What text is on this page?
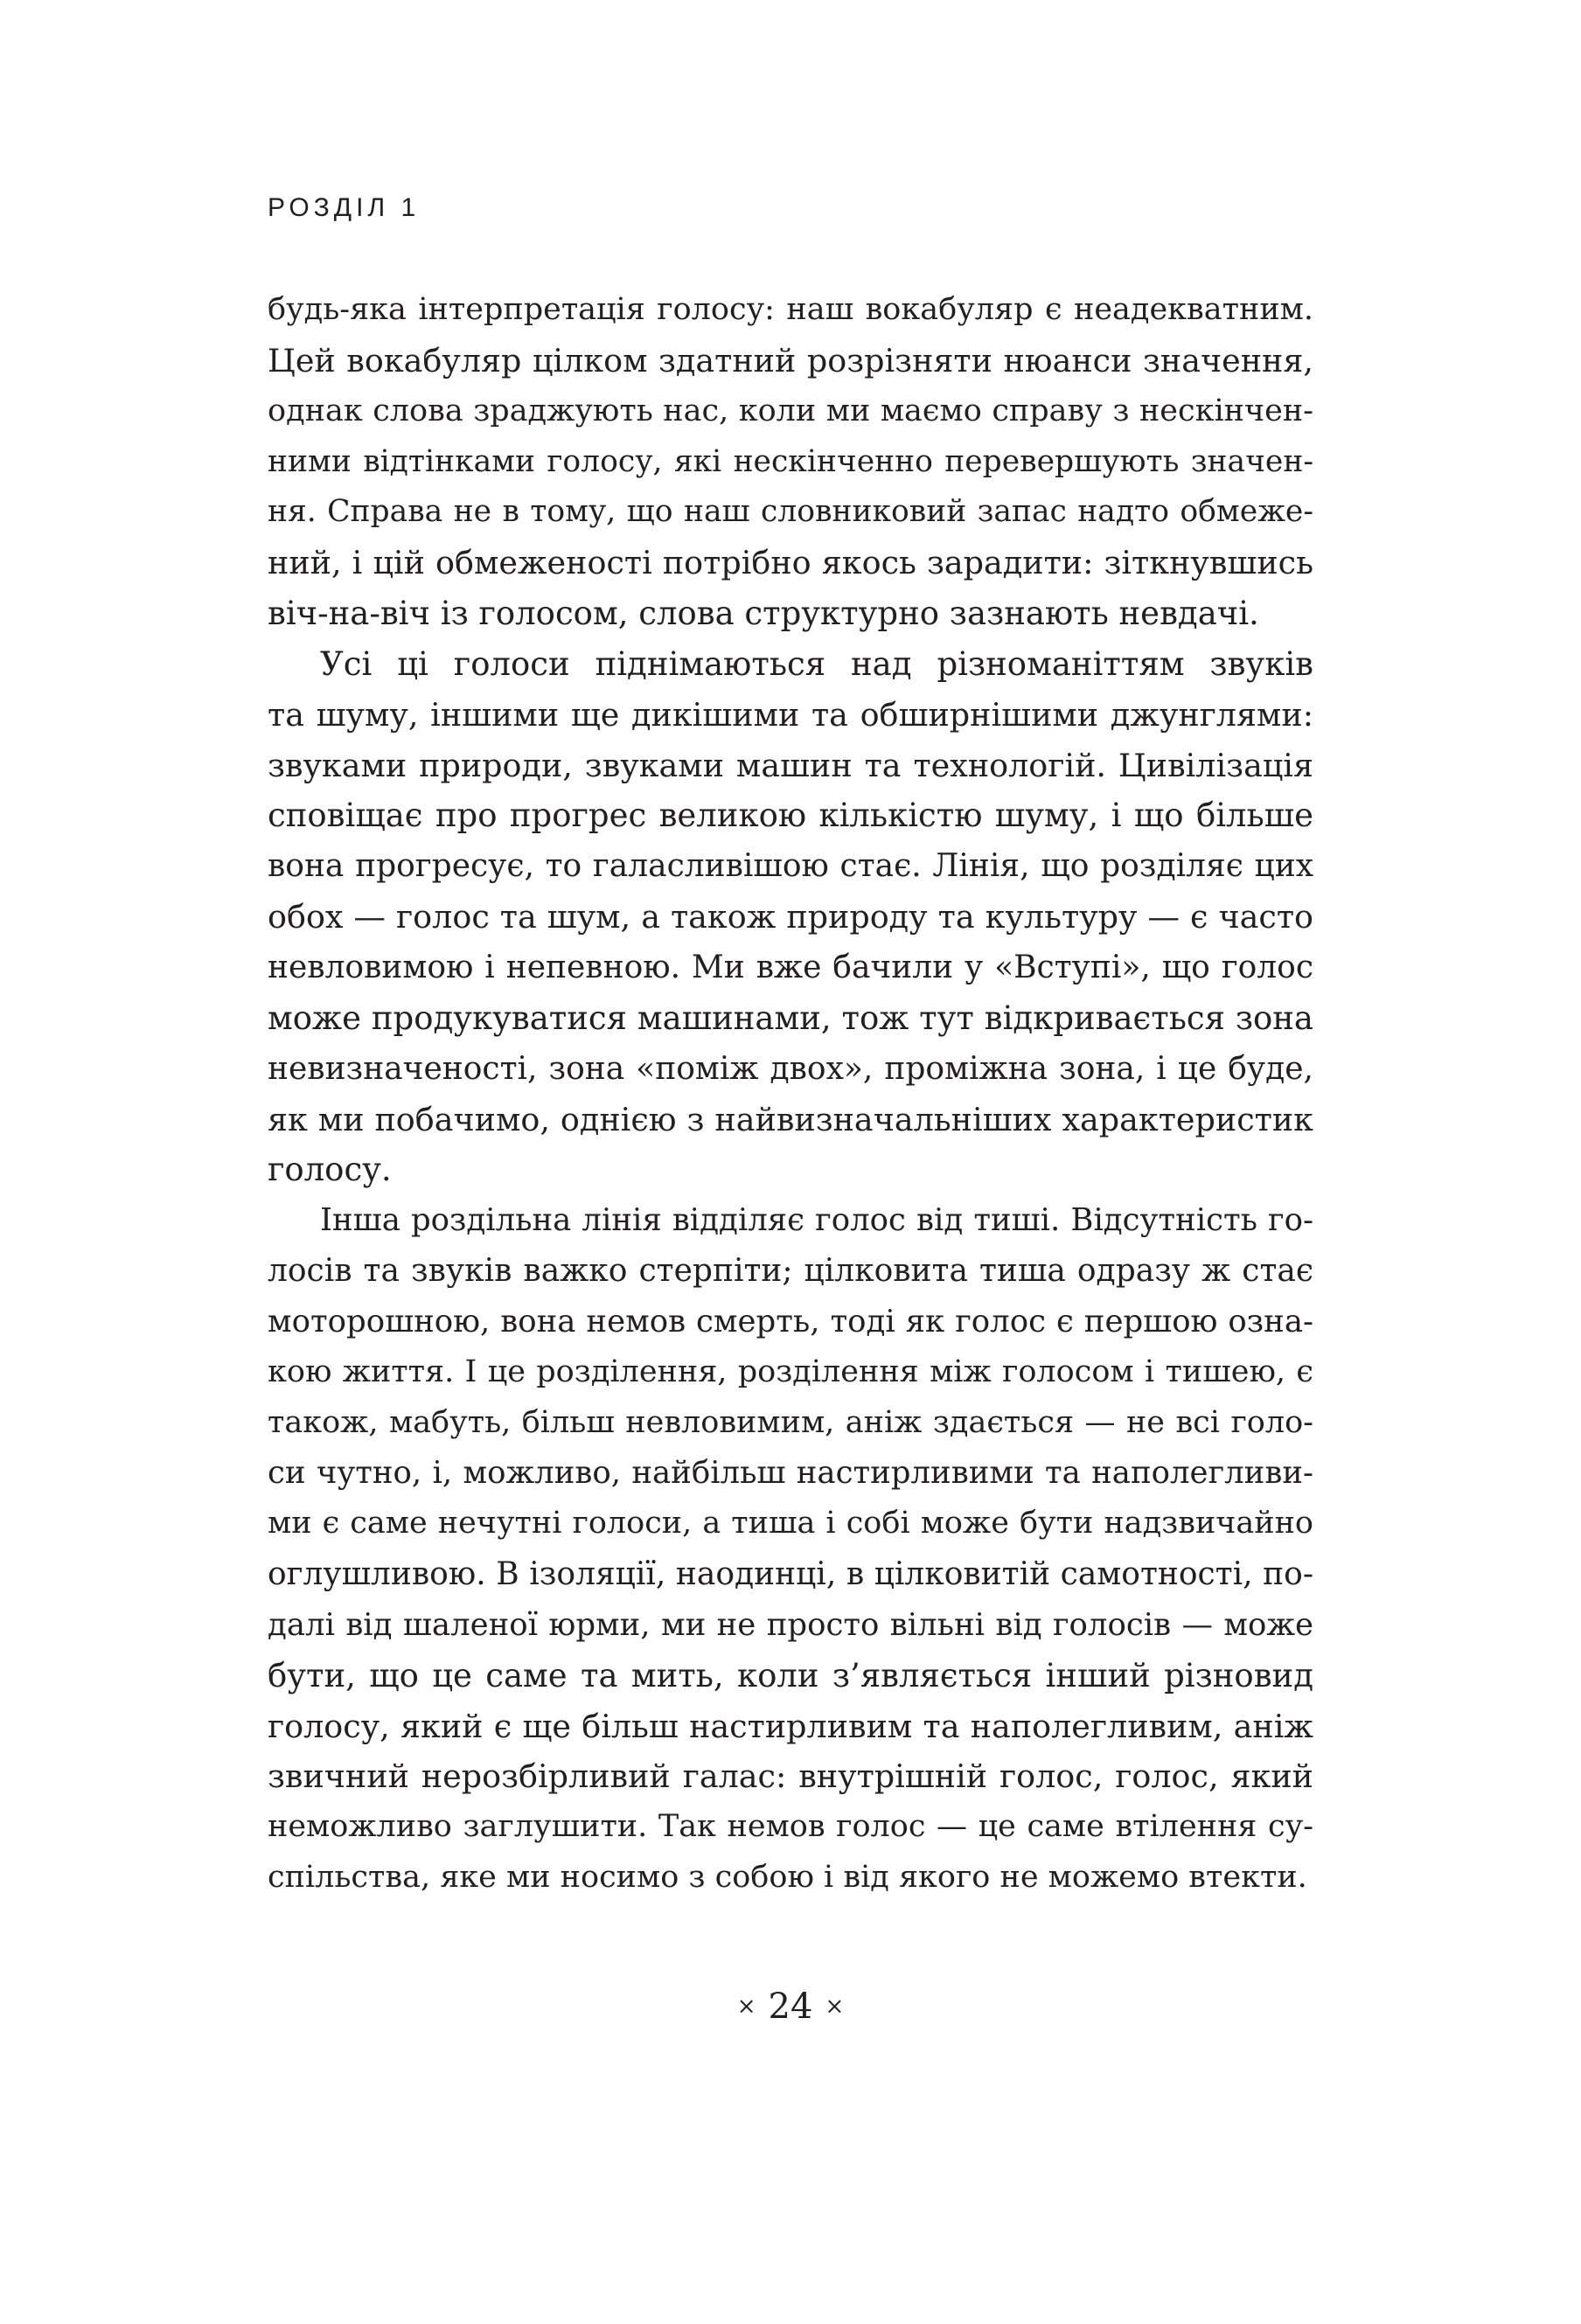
РОЗДІЛ 1
будь-яка інтерпретація голосу: наш вокабуляр є неадекватним.
Цей вокабуляр цілком здатний розрізняти нюанси значення,
однак слова зраджують нас, коли ми маємо справу з нескінчен-
ними відтінками голосу, які нескінченно перевершують значен-
ня. Справа не в тому, що наш словниковий запас надто обмеже-
ний, і цій обмеженості потрібно якось зарадити: зіткнувшись
віч-на-віч із голосом, слова структурно зазнають невдачі.
Усі ці голоси піднімаються над різноманіттям звуків
та шуму, іншими ще дикішими та обширнішими джунглями:
звуками природи, звуками машин та технологій. Цивілізація
сповіщає про прогрес великою кількістю шуму, і що більше
вона прогресує, то галасливішою стає. Лінія, що розділяє цих
обох — голос та шум, а також природу та культуру — є часто
невловимою і непевною. Ми вже бачили у «Вступі», що голос
може продукуватися машинами, тож тут відкривається зона
невизначеності, зона «поміж двох», проміжна зона, і це буде,
як ми побачимо, однією з найвизначальніших характеристик
голосу.
Інша роздільна лінія відділяє голос від тиші. Відсутність го-
лосів та звуків важко стерпіти; цілковита тиша одразу ж стає
моторошною, вона немов смерть, тоді як голос є першою озна-
кою життя. І це розділення, розділення між голосом і тишею, є
також, мабуть, більш невловимим, аніж здається — не всі голо-
си чутно, і, можливо, найбільш настирливими та наполегливи-
ми є саме нечутні голоси, а тиша і собі може бути надзвичайно
оглушливою. В ізоляції, наодинці, в цілковитій самотності, по-
далі від шаленої юрми, ми не просто вільні від голосів — може
бути, що це саме та мить, коли з’являється інший різновид
голосу, який є ще більш настирливим та наполегливим, аніж
звичний нерозбірливий галас: внутрішній голос, голос, який
неможливо заглушити. Так немов голос — це саме втілення су-
спільства, яке ми носимо з собою і від якого не можемо втекти.
× 24 ×
